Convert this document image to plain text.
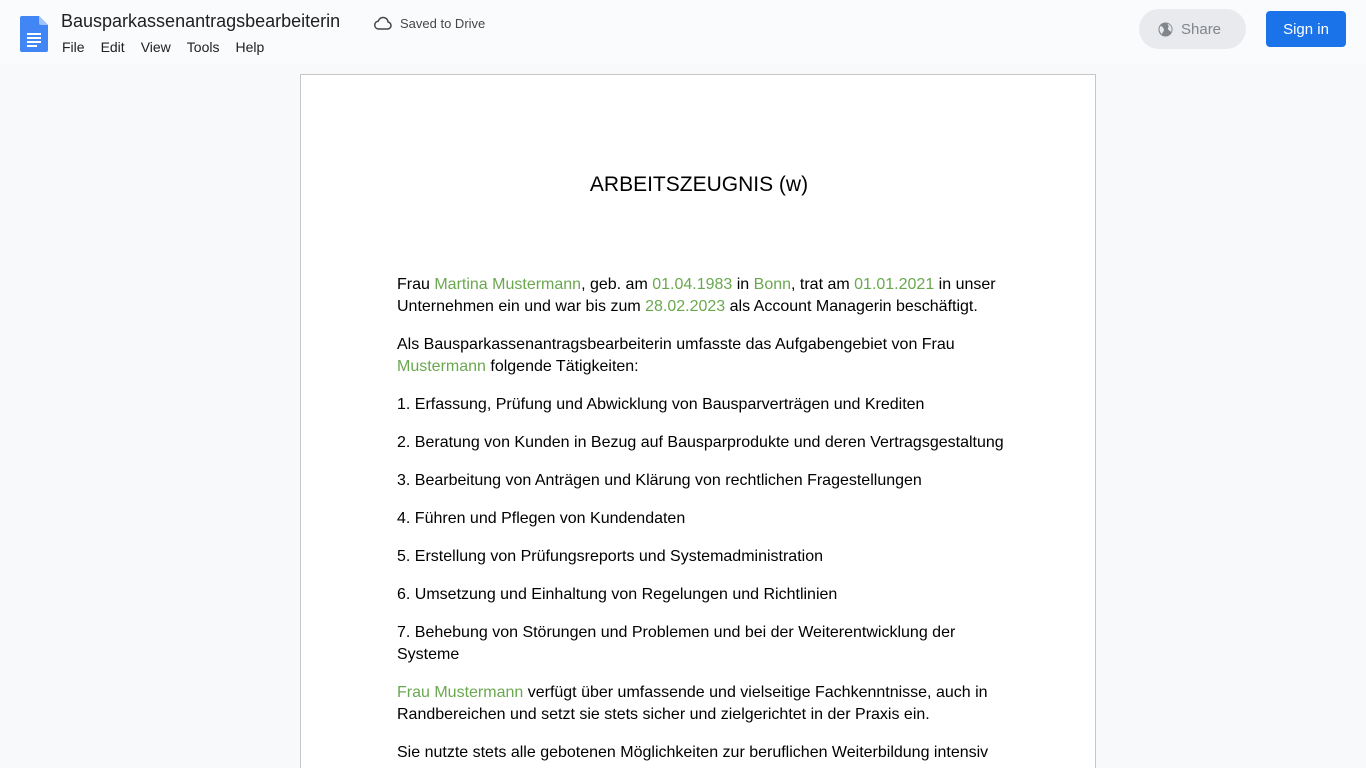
Bausparkassenantragsbearbeiterin	Saved to Drive
File	Edit	View	Tools	Help
Share	Sign in
ARBEITSZEUGNIS (w)

Frau Martina Mustermann, geb. am 01.04.1983 in Bonn, trat am 01.01.2021 in unser Unternehmen ein und war bis zum 28.02.2023 als Account Managerin beschäftigt.

Als Bausparkassenantragsbearbeiterin umfasste das Aufgabengebiet von Frau Mustermann folgende Tätigkeiten:

1. Erfassung, Prüfung und Abwicklung von Bausparverträgen und Krediten

2. Beratung von Kunden in Bezug auf Bausparprodukte und deren Vertragsgestaltung

3. Bearbeitung von Anträgen und Klärung von rechtlichen Fragestellungen

4. Führen und Pflegen von Kundendaten

5. Erstellung von Prüfungsreports und Systemadministration

6. Umsetzung und Einhaltung von Regelungen und Richtlinien

7. Behebung von Störungen und Problemen und bei der Weiterentwicklung der Systeme

Frau Mustermann verfügt über umfassende und vielseitige Fachkenntnisse, auch in Randbereichen und setzt sie stets sicher und zielgerichtet in der Praxis ein.

Sie nutzte stets alle gebotenen Möglichkeiten zur beruflichen Weiterbildung intensiv
